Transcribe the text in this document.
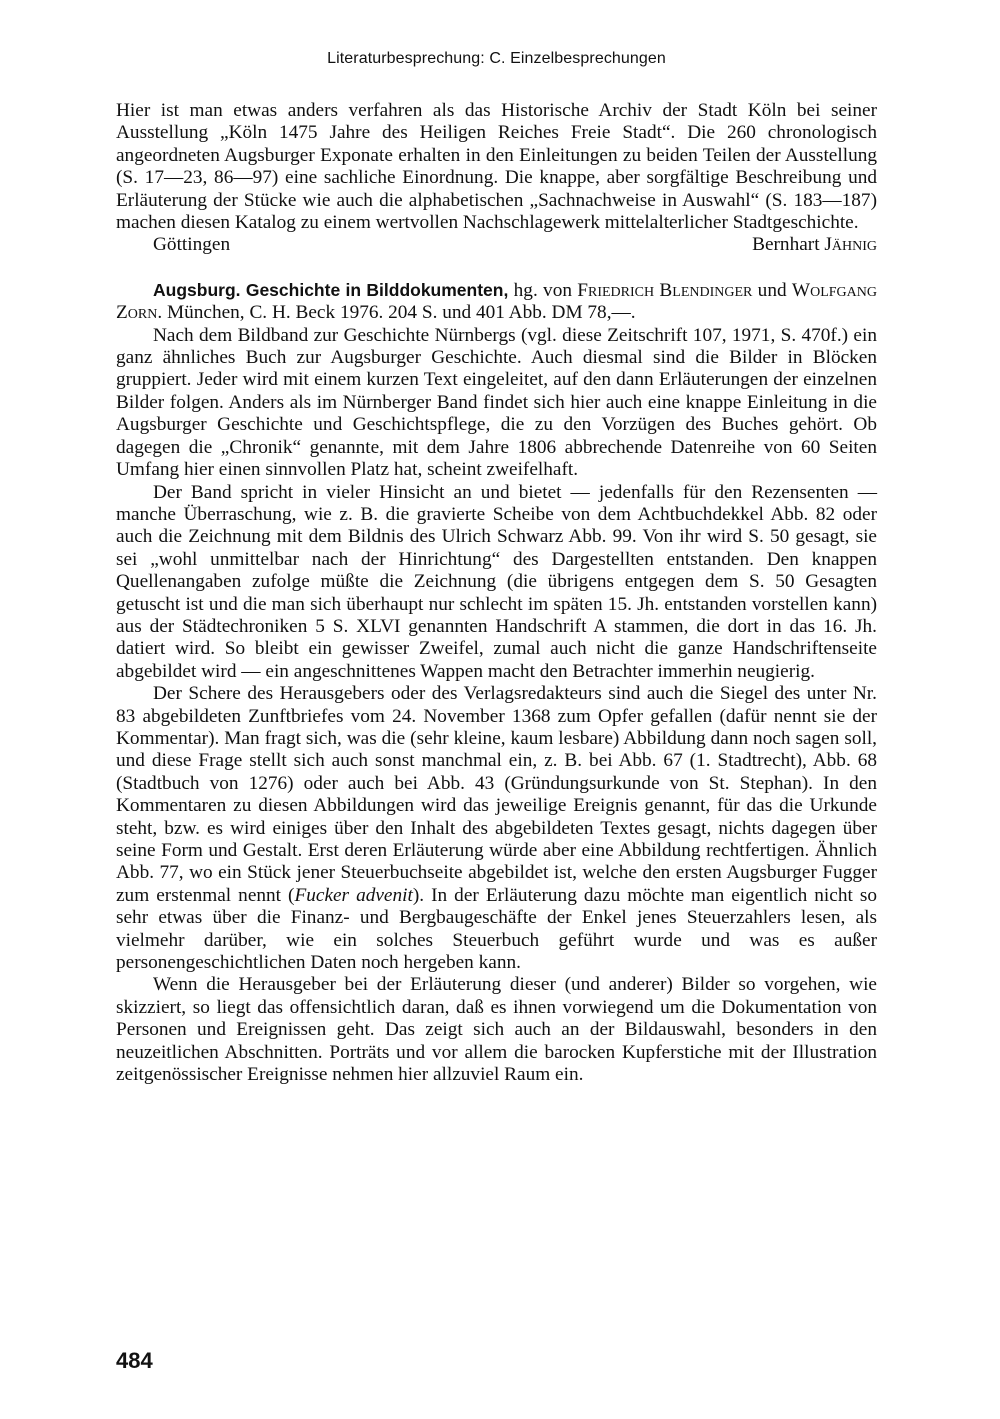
Literaturbesprechung: C. Einzelbesprechungen

Hier ist man etwas anders verfahren als das Historische Archiv der Stadt Köln bei seiner Ausstellung „Köln 1475 Jahre des Heiligen Reiches Freie Stadt“. Die 260 chronologisch angeordneten Augsburger Exponate erhalten in den Einleitungen zu beiden Teilen der Ausstellung (S. 17—23, 86—97) eine sachliche Einordnung. Die knappe, aber sorgfältige Beschreibung und Erläuterung der Stücke wie auch die alphabetischen „Sachnachweise in Auswahl“ (S. 183—187) machen diesen Katalog zu einem wertvollen Nachschlagewerk mittelalterlicher Stadtgeschichte.

Göttingen	Bernhart Jähnig

Augsburg. Geschichte in Bilddokumenten, hg. von Friedrich Blendinger und Wolfgang Zorn. München, C. H. Beck 1976. 204 S. und 401 Abb. DM 78,—.

Nach dem Bildband zur Geschichte Nürnbergs (vgl. diese Zeitschrift 107, 1971, S. 470f.) ein ganz ähnliches Buch zur Augsburger Geschichte. Auch diesmal sind die Bilder in Blöcken gruppiert. Jeder wird mit einem kurzen Text eingeleitet, auf den dann Erläuterungen der einzelnen Bilder folgen. Anders als im Nürnberger Band findet sich hier auch eine knappe Einleitung in die Augsburger Geschichte und Geschichtspflege, die zu den Vorzügen des Buches gehört. Ob dagegen die „Chronik“ genannte, mit dem Jahre 1806 abbrechende Datenreihe von 60 Seiten Umfang hier einen sinnvollen Platz hat, scheint zweifelhaft.

Der Band spricht in vieler Hinsicht an und bietet — jedenfalls für den Rezensenten — manche Überraschung, wie z. B. die gravierte Scheibe von dem Achtbuchdekkel Abb. 82 oder auch die Zeichnung mit dem Bildnis des Ulrich Schwarz Abb. 99. Von ihr wird S. 50 gesagt, sie sei „wohl unmittelbar nach der Hinrichtung“ des Dargestellten entstanden. Den knappen Quellenangaben zufolge müßte die Zeichnung (die übrigens entgegen dem S. 50 Gesagten getuscht ist und die man sich überhaupt nur schlecht im späten 15. Jh. entstanden vorstellen kann) aus der Städtechroniken 5 S. XLVI genannten Handschrift A stammen, die dort in das 16. Jh. datiert wird. So bleibt ein gewisser Zweifel, zumal auch nicht die ganze Handschriftenseite abgebildet wird — ein angeschnittenes Wappen macht den Betrachter immerhin neugierig.

Der Schere des Herausgebers oder des Verlagsredakteurs sind auch die Siegel des unter Nr. 83 abgebildeten Zunftbriefes vom 24. November 1368 zum Opfer gefallen (dafür nennt sie der Kommentar). Man fragt sich, was die (sehr kleine, kaum lesbare) Abbildung dann noch sagen soll, und diese Frage stellt sich auch sonst manchmal ein, z. B. bei Abb. 67 (1. Stadtrecht), Abb. 68 (Stadtbuch von 1276) oder auch bei Abb. 43 (Gründungsurkunde von St. Stephan). In den Kommentaren zu diesen Abbildungen wird das jeweilige Ereignis genannt, für das die Urkunde steht, bzw. es wird einiges über den Inhalt des abgebildeten Textes gesagt, nichts dagegen über seine Form und Gestalt. Erst deren Erläuterung würde aber eine Abbildung rechtfertigen. Ähnlich Abb. 77, wo ein Stück jener Steuerbuchseite abgebildet ist, welche den ersten Augsburger Fugger zum erstenmal nennt (Fucker advenit). In der Erläuterung dazu möchte man eigentlich nicht so sehr etwas über die Finanz- und Bergbaugeschäfte der Enkel jenes Steuerzahlers lesen, als vielmehr darüber, wie ein solches Steuerbuch geführt wurde und was es außer personengeschichtlichen Daten noch hergeben kann.

Wenn die Herausgeber bei der Erläuterung dieser (und anderer) Bilder so vorgehen, wie skizziert, so liegt das offensichtlich daran, daß es ihnen vorwiegend um die Dokumentation von Personen und Ereignissen geht. Das zeigt sich auch an der Bildauswahl, besonders in den neuzeitlichen Abschnitten. Porträts und vor allem die barocken Kupferstiche mit der Illustration zeitgenössischer Ereignisse nehmen hier allzuviel Raum ein.

484
